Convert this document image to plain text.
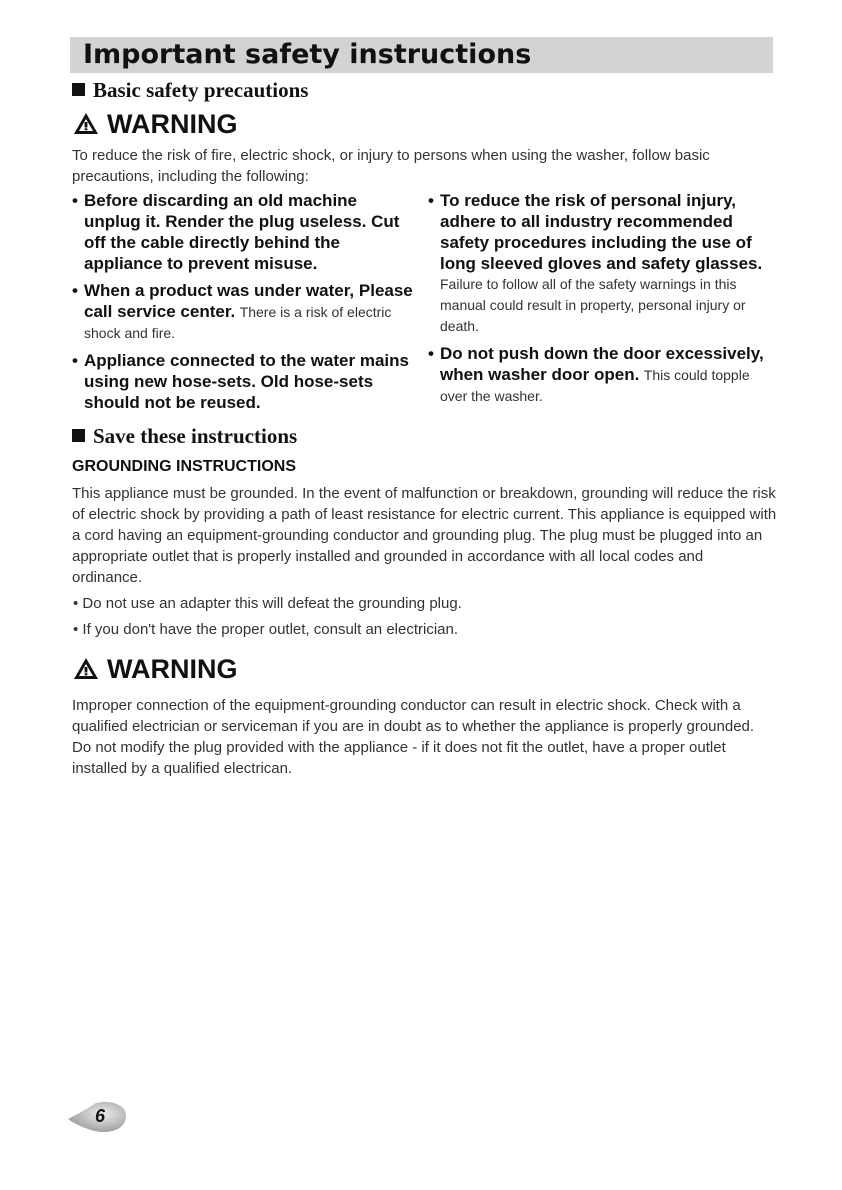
Important safety instructions
Basic safety precautions
WARNING
To reduce the risk of fire, electric shock, or injury to persons when using the washer, follow basic precautions, including the following:

• Before discarding an old machine unplug it. Render the plug useless. Cut off the cable directly behind the appliance to prevent misuse.

• When a product was under water, Please call service center. There is a risk of electric shock and fire.

• Appliance connected to the water mains using new hose-sets. Old hose-sets should not be reused.

• To reduce the risk of personal injury, adhere to all industry recommended safety procedures including the use of long sleeved gloves and safety glasses. Failure to follow all of the safety warnings in this manual could result in property, personal injury or death.

• Do not push down the door excessively, when washer door open. This could topple over the washer.

Save these instructions
GROUNDING INSTRUCTIONS
This appliance must be grounded. In the event of malfunction or breakdown, grounding will reduce the risk of electric shock by providing a path of least resistance for electric current. This appliance is equipped with a cord having an equipment-grounding conductor and grounding plug. The plug must be plugged into an appropriate outlet that is properly installed and grounded in accordance with all local codes and ordinance.
• Do not use an adapter this will defeat the grounding plug.
• If you don't have the proper outlet, consult an electrician.
WARNING
Improper connection of the equipment-grounding conductor can result in electric shock. Check with a qualified electrician or serviceman if you are in doubt as to whether the appliance is properly grounded. Do not modify the plug provided with the appliance - if it does not fit the outlet, have a proper outlet installed by a qualified electrican.
6
